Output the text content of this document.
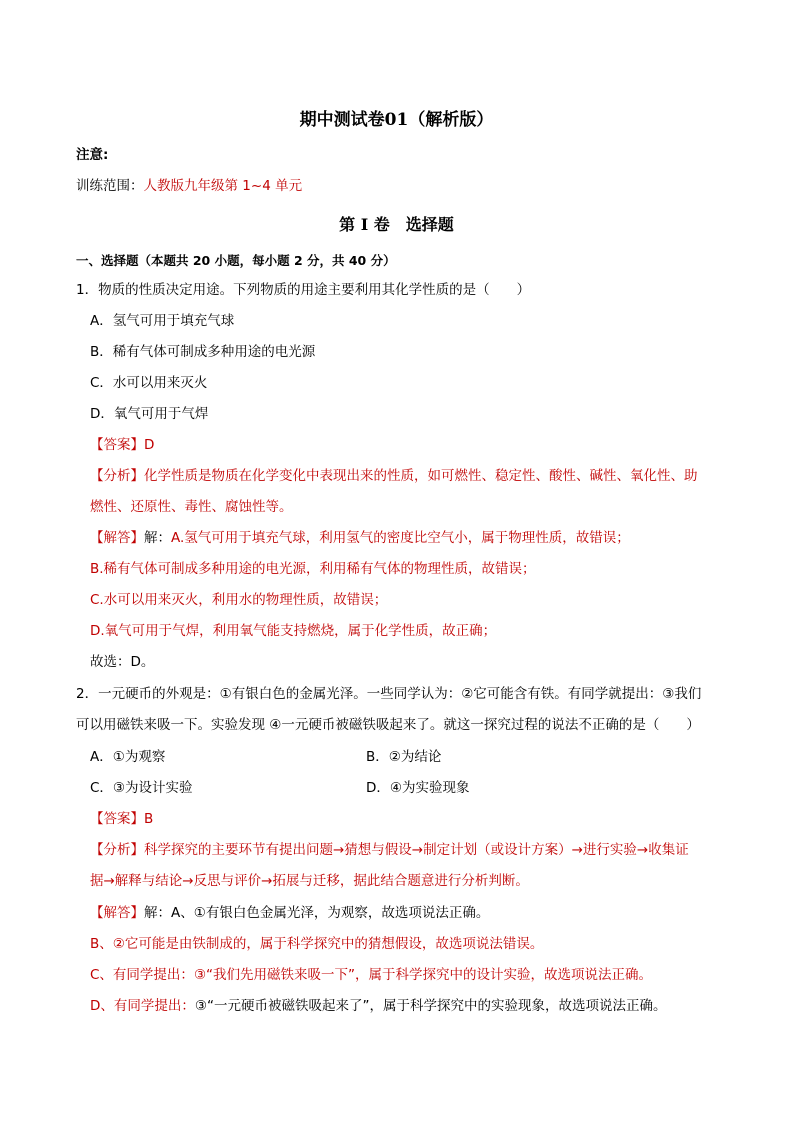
期中测试卷01（解析版）
注意:
训练范围：人教版九年级第 1~4 单元
第 I 卷　选择题
一、选择题（本题共 20 小题，每小题 2 分，共 40 分）
1．物质的性质决定用途。下列物质的用途主要利用其化学性质的是（　　）
A．氢气可用于填充气球
B．稀有气体可制成多种用途的电光源
C．水可以用来灭火
D．氧气可用于气焊
【答案】D
【分析】化学性质是物质在化学变化中表现出来的性质，如可燃性、稳定性、酸性、碱性、氧化性、助
燃性、还原性、毒性、腐蚀性等。
【解答】解：A.氢气可用于填充气球，利用氢气的密度比空气小，属于物理性质，故错误；
B.稀有气体可制成多种用途的电光源，利用稀有气体的物理性质，故错误；
C.水可以用来灭火，利用水的物理性质，故错误；
D.氧气可用于气焊，利用氧气能支持燃烧，属于化学性质，故正确；
故选：D。
2．一元硬币的外观是：①有银白色的金属光泽。一些同学认为：②它可能含有铁。有同学就提出：③我们
可以用磁铁来吸一下。实验发现 ④一元硬币被磁铁吸起来了。就这一探究过程的说法不正确的是（　　）
A．①为观察	B．②为结论
C．③为设计实验	D．④为实验现象
【答案】B
【分析】科学探究的主要环节有提出问题→猜想与假设→制定计划（或设计方案）→进行实验→收集证
据→解释与结论→反思与评价→拓展与迁移，据此结合题意进行分析判断。
【解答】解：A、①有银白色金属光泽，为观察，故选项说法正确。
B、②它可能是由铁制成的，属于科学探究中的猜想假设，故选项说法错误。
C、有同学提出：③“我们先用磁铁来吸一下”，属于科学探究中的设计实验，故选项说法正确。
D、有同学提出：③“一元硬币被磁铁吸起来了”，属于科学探究中的实验现象，故选项说法正确。
